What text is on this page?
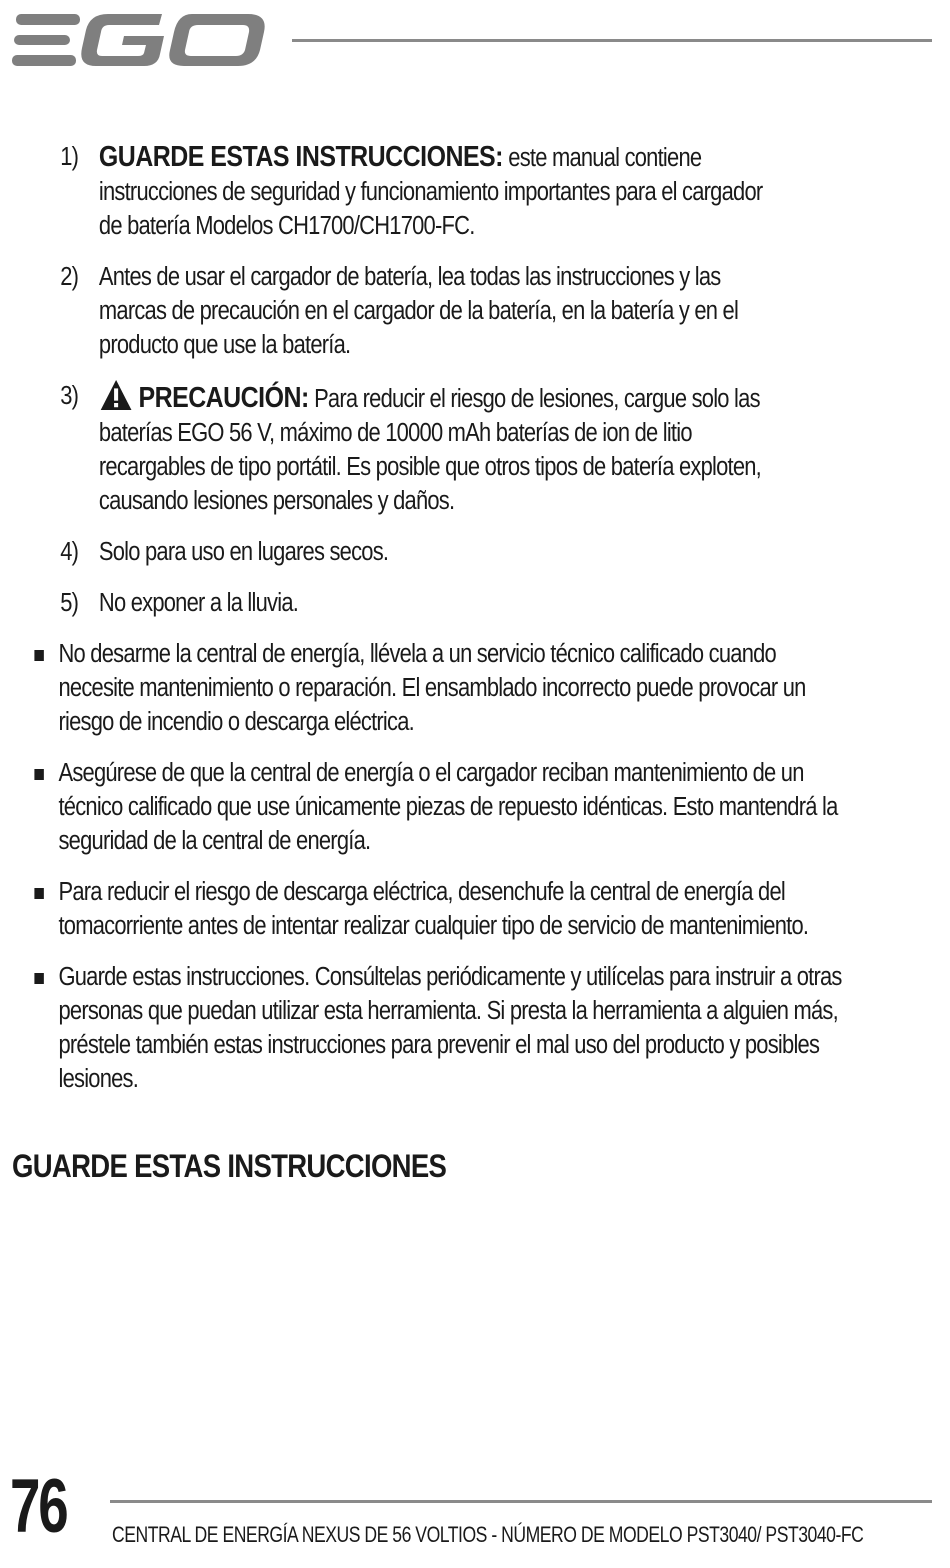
1) GUARDE ESTAS INSTRUCCIONES: este manual contiene instrucciones de seguridad y funcionamiento importantes para el cargador de batería Modelos CH1700/CH1700-FC.
2) Antes de usar el cargador de batería, lea todas las instrucciones y las marcas de precaución en el cargador de la batería, en la batería y en el producto que use la batería.
3) PRECAUCIÓN: Para reducir el riesgo de lesiones, cargue solo las baterías EGO 56 V, máximo de 10000 mAh baterías de ion de litio recargables de tipo portátil. Es posible que otros tipos de batería exploten, causando lesiones personales y daños.
4) Solo para uso en lugares secos.
5) No exponer a la lluvia.
No desarme la central de energía, llévela a un servicio técnico calificado cuando necesite mantenimiento o reparación. El ensamblado incorrecto puede provocar un riesgo de incendio o descarga eléctrica.
Asegúrese de que la central de energía o el cargador reciban mantenimiento de un técnico calificado que use únicamente piezas de repuesto idénticas. Esto mantendrá la seguridad de la central de energía.
Para reducir el riesgo de descarga eléctrica, desenchufe la central de energía del tomacorriente antes de intentar realizar cualquier tipo de servicio de mantenimiento.
Guarde estas instrucciones. Consúltelas periódicamente y utilícelas para instruir a otras personas que puedan utilizar esta herramienta. Si presta la herramienta a alguien más, préstele también estas instrucciones para prevenir el mal uso del producto y posibles lesiones.
GUARDE ESTAS INSTRUCCIONES
76 CENTRAL DE ENERGÍA NEXUS DE 56 VOLTIOS - NÚMERO DE MODELO PST3040/ PST3040-FC
